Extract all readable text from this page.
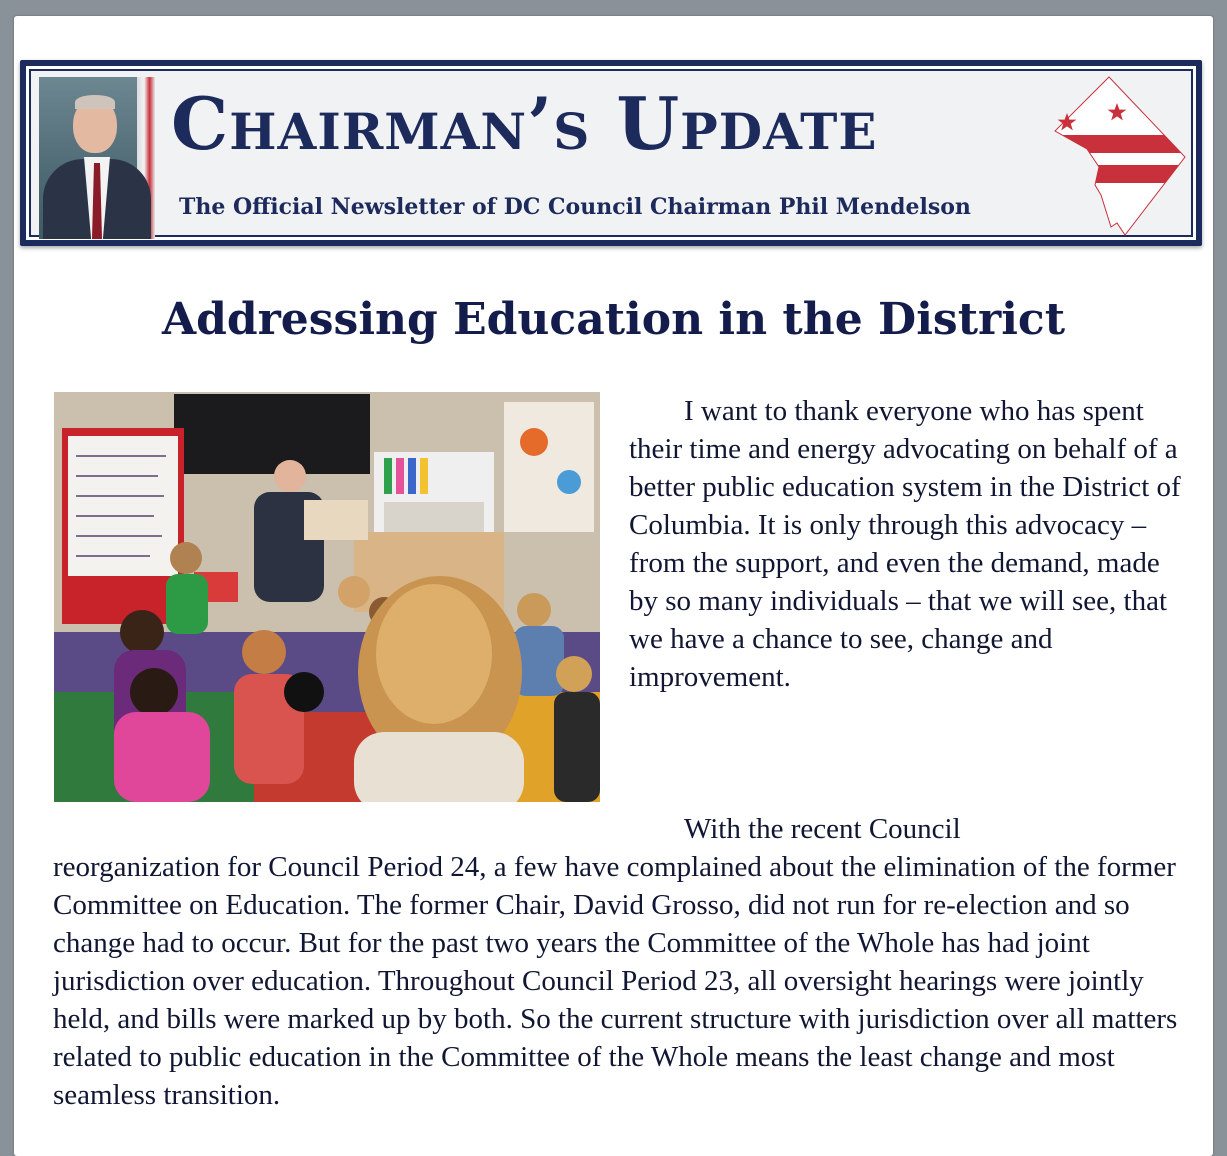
Chairman’s Update
The Official Newsletter of DC Council Chairman Phil Mendelson
Addressing Education in the District

I want to thank everyone who has spent their time and energy advocating on behalf of a better public education system in the District of Columbia. It is only through this advocacy – from the support, and even the demand, made by so many individuals – that we will see, that we have a chance to see, change and improvement.

With the recent Council
reorganization for Council Period 24, a few have complained about the elimination of the former Committee on Education. The former Chair, David Grosso, did not run for re-election and so change had to occur. But for the past two years the Committee of the Whole has had joint jurisdiction over education. Throughout Council Period 23, all oversight hearings were jointly held, and bills were marked up by both. So the current structure with jurisdiction over all matters related to public education in the Committee of the Whole means the least change and most seamless transition.
